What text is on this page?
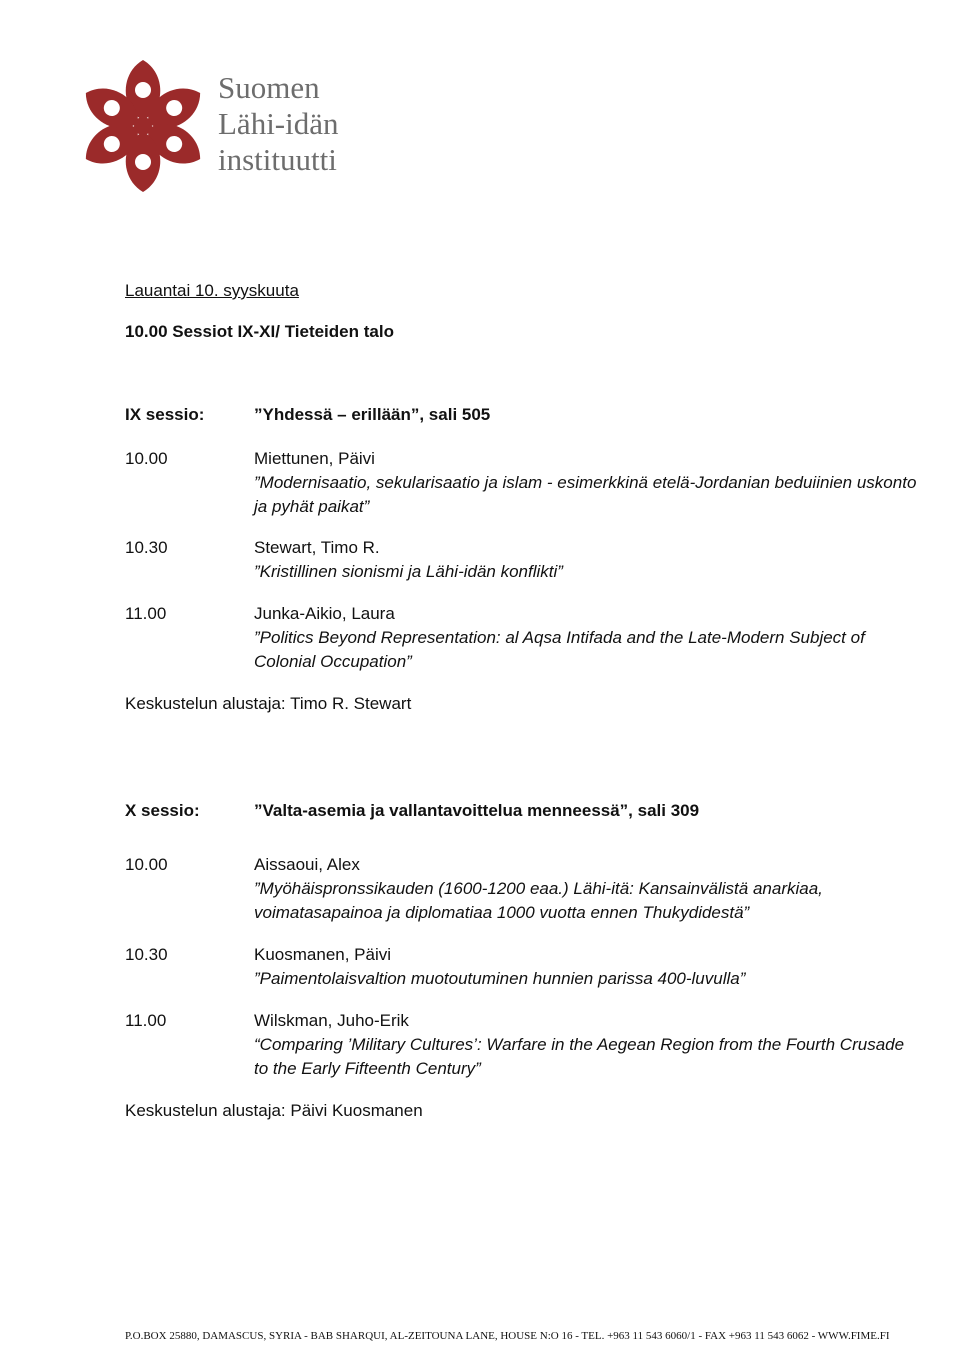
Suomen
Lähi-idän
instituutti
Lauantai 10. syyskuuta
10.00 Sessiot IX-XI/ Tieteiden talo
IX sessio:	”Yhdessä – erillään”, sali 505
10.00	Miettunen, Päivi
”Modernisaatio, sekularisaatio ja islam - esimerkkinä etelä-Jordanian beduiinien uskonto
ja pyhät paikat”
10.30	Stewart, Timo R.
”Kristillinen sionismi ja Lähi-idän konflikti”
11.00	Junka-Aikio, Laura
”Politics Beyond Representation: al Aqsa Intifada and the Late-Modern Subject of
Colonial Occupation”
Keskustelun alustaja: Timo R. Stewart
X sessio:	”Valta-asemia ja vallantavoittelua menneessä”, sali 309
10.00	Aissaoui, Alex
”Myöhäispronssikauden (1600-1200 eaa.) Lähi-itä: Kansainvälistä anarkiaa,
voimatasapainoa ja diplomatiaa 1000 vuotta ennen Thukydidestä”
10.30	Kuosmanen, Päivi
”Paimentolaisvaltion muotoutuminen hunnien parissa 400-luvulla”
11.00	Wilskman, Juho-Erik
“Comparing ’Military Cultures’: Warfare in the Aegean Region from the Fourth Crusade
to the Early Fifteenth Century”
Keskustelun alustaja: Päivi Kuosmanen
P.O.BOX 25880, DAMASCUS, SYRIA - BAB SHARQUI, AL-ZEITOUNA LANE, HOUSE N:O 16 - TEL. +963 11 543 6060/1 - FAX +963 11 543 6062 - WWW.FIME.FI
